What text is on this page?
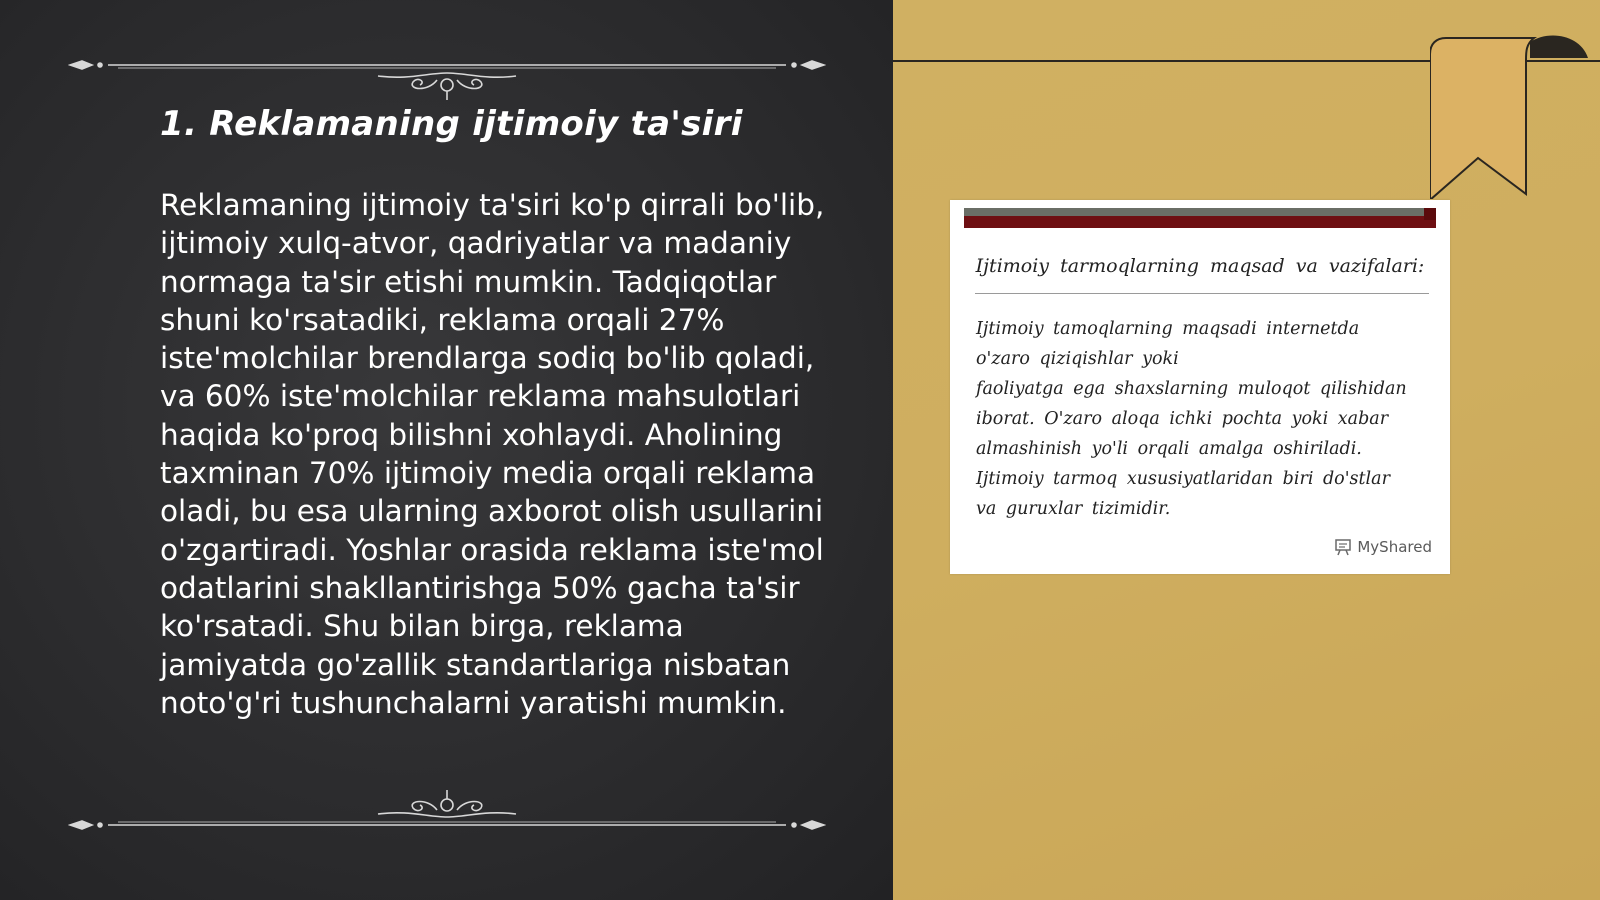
1. Reklamaning ijtimoiy ta'siri

Reklamaning ijtimoiy ta'siri ko'p qirrali bo'lib,
ijtimoiy xulq-atvor, qadriyatlar va madaniy
normaga ta'sir etishi mumkin. Tadqiqotlar
shuni ko'rsatadiki, reklama orqali 27%
iste'molchilar brendlarga sodiq bo'lib qoladi,
va 60% iste'molchilar reklama mahsulotlari
haqida ko'proq bilishni xohlaydi. Aholining
taxminan 70% ijtimoiy media orqali reklama
oladi, bu esa ularning axborot olish usullarini
o'zgartiradi. Yoshlar orasida reklama iste'mol
odatlarini shakllantirishga 50% gacha ta'sir
ko'rsatadi. Shu bilan birga, reklama
jamiyatda go'zallik standartlariga nisbatan
noto'g'ri tushunchalarni yaratishi mumkin.

Ijtimoiy tarmoqlarning maqsad va vazifalari:
Ijtimoiy tamoqlarning maqsadi internetda
o'zaro qiziqishlar yoki
faoliyatga ega shaxslarning muloqot qilishidan
iborat. O'zaro aloqa ichki pochta yoki xabar
almashinish yo'li orqali amalga oshiriladi.
Ijtimoiy tarmoq xususiyatlaridan biri do'stlar
va guruxlar tizimidir.
MyShared
